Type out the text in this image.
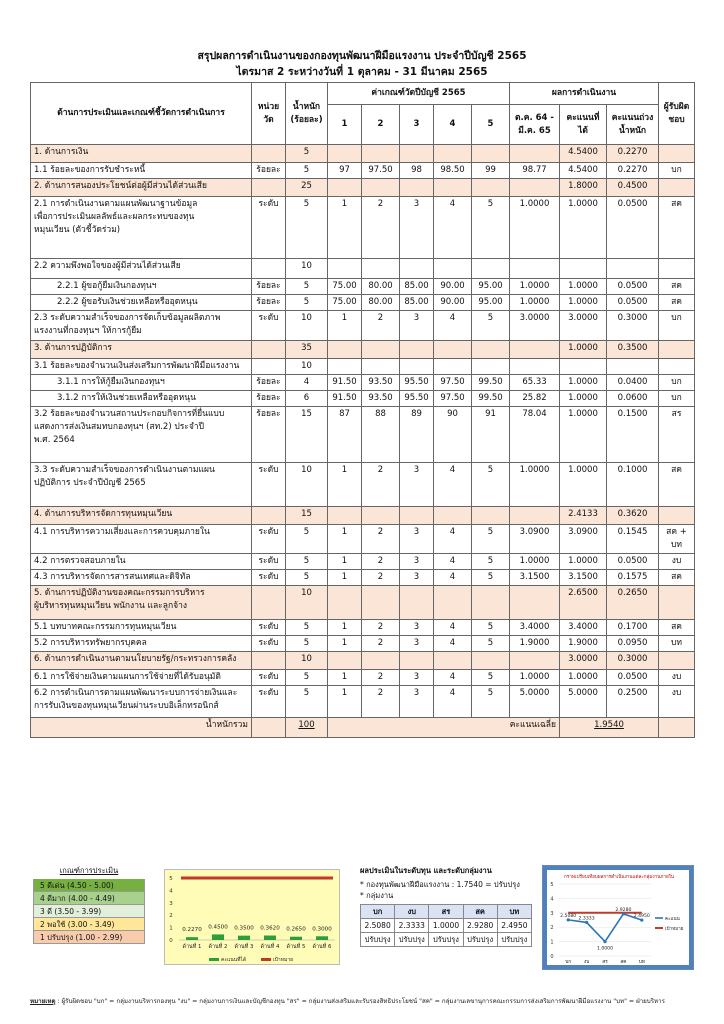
สรุปผลการดำเนินงานของกองทุนพัฒนาฝีมือแรงงาน ประจำปีบัญชี 2565
ไตรมาส 2 ระหว่างวันที่ 1 ตุลาคม - 31 มีนาคม 2565
ด้านการประเมินและเกณฑ์ชี้วัดการดำเนินการ	หน่วยวัด	น้ำหนัก (ร้อยละ)	ค่าเกณฑ์วัดปีบัญชี 2565					ผลการดำเนินงาน			ผู้รับผิดชอบ
			1	2	3	4	5	ต.ค. 64 - มี.ค. 65	คะแนนที่ได้	คะแนนถ่วงน้ำหนัก	
1. ด้านการเงิน		5							4.5400	0.2270	
1.1 ร้อยละของการรับชำระหนี้	ร้อยละ	5	97	97.50	98	98.50	99	98.77	4.5400	0.2270	บก
2. ด้านการสนองประโยชน์ต่อผู้มีส่วนได้ส่วนเสีย		25							1.8000	0.4500	
2.1 การดำเนินงานตามแผนพัฒนาฐานข้อมูล
เพื่อการประเมินผลลัพธ์และผลกระทบของทุน
หมุนเวียน (ตัวชี้วัดร่วม)	ระดับ	5	1	2	3	4	5	1.0000	1.0000	0.0500	สค
2.2 ความพึงพอใจของผู้มีส่วนได้ส่วนเสีย		10									
2.2.1 ผู้ขอกู้ยืมเงินกองทุนฯ	ร้อยละ	5	75.00	80.00	85.00	90.00	95.00	1.0000	1.0000	0.0500	สค
2.2.2 ผู้ขอรับเงินช่วยเหลือหรืออุดหนุน	ร้อยละ	5	75.00	80.00	85.00	90.00	95.00	1.0000	1.0000	0.0500	สค
2.3 ระดับความสำเร็จของการจัดเก็บข้อมูลผลิตภาพ
แรงงานที่กองทุนฯ ให้การกู้ยืม	ระดับ	10	1	2	3	4	5	3.0000	3.0000	0.3000	บก
3. ด้านการปฏิบัติการ		35							1.0000	0.3500	
3.1 ร้อยละของจำนวนเงินส่งเสริมการพัฒนาฝีมือแรงงาน		10									
3.1.1 การให้กู้ยืมเงินกองทุนฯ	ร้อยละ	4	91.50	93.50	95.50	97.50	99.50	65.33	1.0000	0.0400	บก
3.1.2 การให้เงินช่วยเหลือหรืออุดหนุน	ร้อยละ	6	91.50	93.50	95.50	97.50	99.50	25.82	1.0000	0.0600	บก
3.2 ร้อยละของจำนวนสถานประกอบกิจการที่ยื่นแบบ
แสดงการส่งเงินสมทบกองทุนฯ (สท.2) ประจำปี
พ.ศ. 2564	ร้อยละ	15	87	88	89	90	91	78.04	1.0000	0.1500	สร
3.3 ระดับความสำเร็จของการดำเนินงานตามแผน
ปฏิบัติการ ประจำปีบัญชี 2565	ระดับ	10	1	2	3	4	5	1.0000	1.0000	0.1000	สค
4. ด้านการบริหารจัดการทุนหมุนเวียน		15							2.4133	0.3620	
4.1 การบริหารความเสี่ยงและการควบคุมภายใน	ระดับ	5	1	2	3	4	5	3.0900	3.0900	0.1545	สค + บท
4.2 การตรวจสอบภายใน	ระดับ	5	1	2	3	4	5	1.0000	1.0000	0.0500	งบ
4.3 การบริหารจัดการสารสนเทศและดิจิทัล	ระดับ	5	1	2	3	4	5	3.1500	3.1500	0.1575	สค
5. ด้านการปฏิบัติงานของคณะกรรมการบริหาร
ผู้บริหารทุนหมุนเวียน พนักงาน และลูกจ้าง		10							2.6500	0.2650	
5.1 บทบาทคณะกรรมการทุนหมุนเวียน	ระดับ	5	1	2	3	4	5	3.4000	3.4000	0.1700	สค
5.2 การบริหารทรัพยากรบุคคล	ระดับ	5	1	2	3	4	5	1.9000	1.9000	0.0950	บท
6. ด้านการดำเนินงานตามนโยบายรัฐ/กระทรวงการคลัง		10							3.0000	0.3000	
6.1 การใช้จ่ายเงินตามแผนการใช้จ่ายที่ได้รับอนุมัติ	ระดับ	5	1	2	3	4	5	1.0000	1.0000	0.0500	งบ
6.2 การดำเนินการตามแผนพัฒนาระบบการจ่ายเงินและ
การรับเงินของทุนหมุนเวียนผ่านระบบอิเล็กทรอนิกส์	ระดับ	5	1	2	3	4	5	5.0000	5.0000	0.2500	งบ
น้ำหนักรวม		100	คะแนนเฉลี่ย						1.9540		
เกณฑ์การประเมิน
5 ดีเด่น (4.50 - 5.00)
4 ดีมาก (4.00 - 4.49)
3 ดี (3.50 - 3.99)
2 พอใช้ (3.00 - 3.49)
1 ปรับปรุง (1.00 - 2.99)	0
1
2
3
4
5
0.2270
ด้านที่ 1
0.4500
ด้านที่ 2
0.3500
ด้านที่ 3
0.3620
ด้านที่ 4
0.2650
ด้านที่ 5
0.3000
ด้านที่ 6
คะแนนที่ได้	เป้าหมาย
ผลประเมินในระดับทุน และระดับกลุ่มงาน
* กองทุนพัฒนาฝีมือแรงงาน : 1.7540 = ปรับปรุง
* กลุ่มงาน
บก	งบ	สร	สค	บท
2.5080	2.3333	1.0000	2.9280	2.4950
ปรับปรุง	ปรับปรุง	ปรับปรุง	ปรับปรุง	ปรับปรุง
กราฟเปรียบเทียบผลการดำเนินงานแต่ละกลุ่มงานภายใน
0
1
2
3
4
5
2.5080
บก
2.3333
งบ
1.0000
สร
2.9280
สค
2.4950
บท
คะแนน
เป้าหมาย
หมายเหตุ : ผู้รับผิดชอบ "บก" = กลุ่มงานบริหารกองทุน "งบ" = กลุ่มงานการเงินและบัญชีกองทุน "สร" = กลุ่มงานส่งเสริมและรับรองสิทธิประโยชน์ "สค" = กลุ่มงานเลขานุการคณะกรรมการส่งเสริมการพัฒนาฝีมือแรงงาน "บท" = ฝ่ายบริหาร
